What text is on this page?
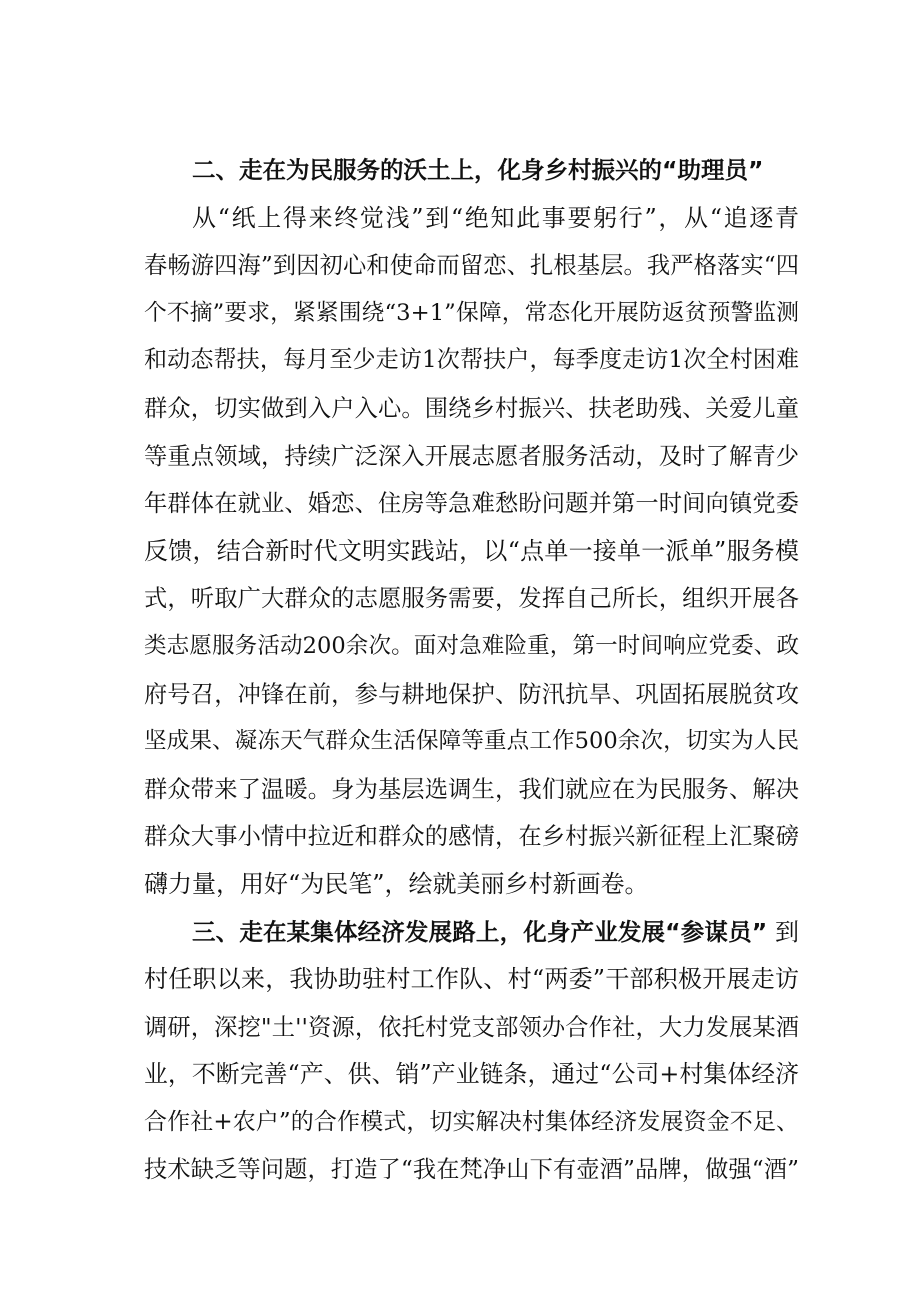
二、走在为民服务的沃土上，化身乡村振兴的“助理员”
从“纸上得来终觉浅”到“绝知此事要躬行”，从“追逐青
春畅游四海”到因初心和使命而留恋、扎根基层。我严格落实“四
个不摘”要求，紧紧围绕“3+1”保障，常态化开展防返贫预警监测
和动态帮扶，每月至少走访1次帮扶户，每季度走访1次全村困难
群众，切实做到入户入心。围绕乡村振兴、扶老助残、关爱儿童
等重点领域，持续广泛深入开展志愿者服务活动，及时了解青少
年群体在就业、婚恋、住房等急难愁盼问题并第一时间向镇党委
反馈，结合新时代文明实践站，以“点单一接单一派单”服务模
式，听取广大群众的志愿服务需要，发挥自己所长，组织开展各
类志愿服务活动200余次。面对急难险重，第一时间响应党委、政
府号召，冲锋在前，参与耕地保护、防汛抗旱、巩固拓展脱贫攻
坚成果、凝冻天气群众生活保障等重点工作500余次，切实为人民
群众带来了温暖。身为基层选调生，我们就应在为民服务、解决
群众大事小情中拉近和群众的感情，在乡村振兴新征程上汇聚磅
礴力量，用好“为民笔”，绘就美丽乡村新画卷。
三、走在某集体经济发展路上，化身产业发展“参谋员” 到
村任职以来，我协助驻村工作队、村“两委”干部积极开展走访
调研，深挖"土''资源，依托村党支部领办合作社，大力发展某酒
业，不断完善“产、供、销”产业链条，通过“公司+村集体经济
合作社+农户”的合作模式，切实解决村集体经济发展资金不足、
技术缺乏等问题，打造了“我在梵净山下有壶酒”品牌，做强“酒”
